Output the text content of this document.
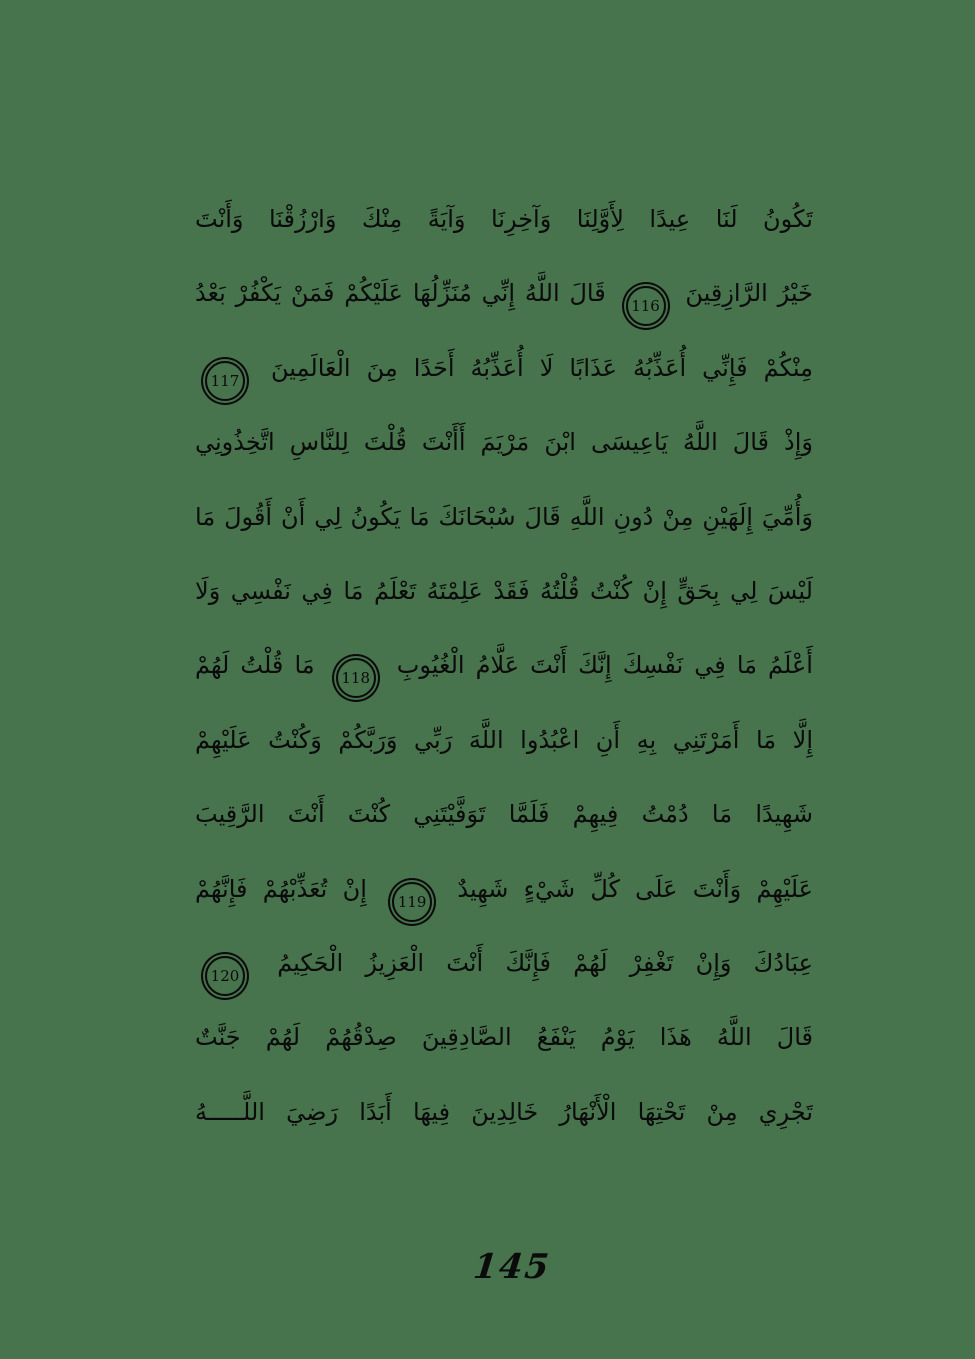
تَكُونُ لَنَا عِيدًا لِأَوَّلِنَا وَآخِرِنَا وَآيَةً مِنْكَ وَارْزُقْنَا وَأَنْتَ
خَيْرُ الرَّازِقِينَ 116 قَالَ اللَّهُ إِنِّي مُنَزِّلُهَا عَلَيْكُمْ فَمَنْ يَكْفُرْ بَعْدُ
مِنْكُمْ فَإِنِّي أُعَذِّبُهُ عَذَابًا لَا أُعَذِّبُهُ أَحَدًا مِنَ الْعَالَمِينَ 117
وَإِذْ قَالَ اللَّهُ يَاعِيسَى ابْنَ مَرْيَمَ أَأَنْتَ قُلْتَ لِلنَّاسِ اتَّخِذُونِي
وَأُمِّيَ إِلَهَيْنِ مِنْ دُونِ اللَّهِ قَالَ سُبْحَانَكَ مَا يَكُونُ لِي أَنْ أَقُولَ مَا
لَيْسَ لِي بِحَقٍّ إِنْ كُنْتُ قُلْتُهُ فَقَدْ عَلِمْتَهُ تَعْلَمُ مَا فِي نَفْسِي وَلَا
أَعْلَمُ مَا فِي نَفْسِكَ إِنَّكَ أَنْتَ عَلَّامُ الْغُيُوبِ 118 مَا قُلْتُ لَهُمْ
إِلَّا مَا أَمَرْتَنِي بِهِ أَنِ اعْبُدُوا اللَّهَ رَبِّي وَرَبَّكُمْ وَكُنْتُ عَلَيْهِمْ
شَهِيدًا مَا دُمْتُ فِيهِمْ فَلَمَّا تَوَفَّيْتَنِي كُنْتَ أَنْتَ الرَّقِيبَ
عَلَيْهِمْ وَأَنْتَ عَلَى كُلِّ شَيْءٍ شَهِيدٌ 119 إِنْ تُعَذِّبْهُمْ فَإِنَّهُمْ
عِبَادُكَ وَإِنْ تَغْفِرْ لَهُمْ فَإِنَّكَ أَنْتَ الْعَزِيزُ الْحَكِيمُ 120
قَالَ اللَّهُ هَذَا يَوْمُ يَنْفَعُ الصَّادِقِينَ صِدْقُهُمْ لَهُمْ جَنَّتٌ
تَجْرِي مِنْ تَحْتِهَا الْأَنْهَارُ خَالِدِينَ فِيهَا أَبَدًا رَضِيَ اللَّـــــهُ
145
